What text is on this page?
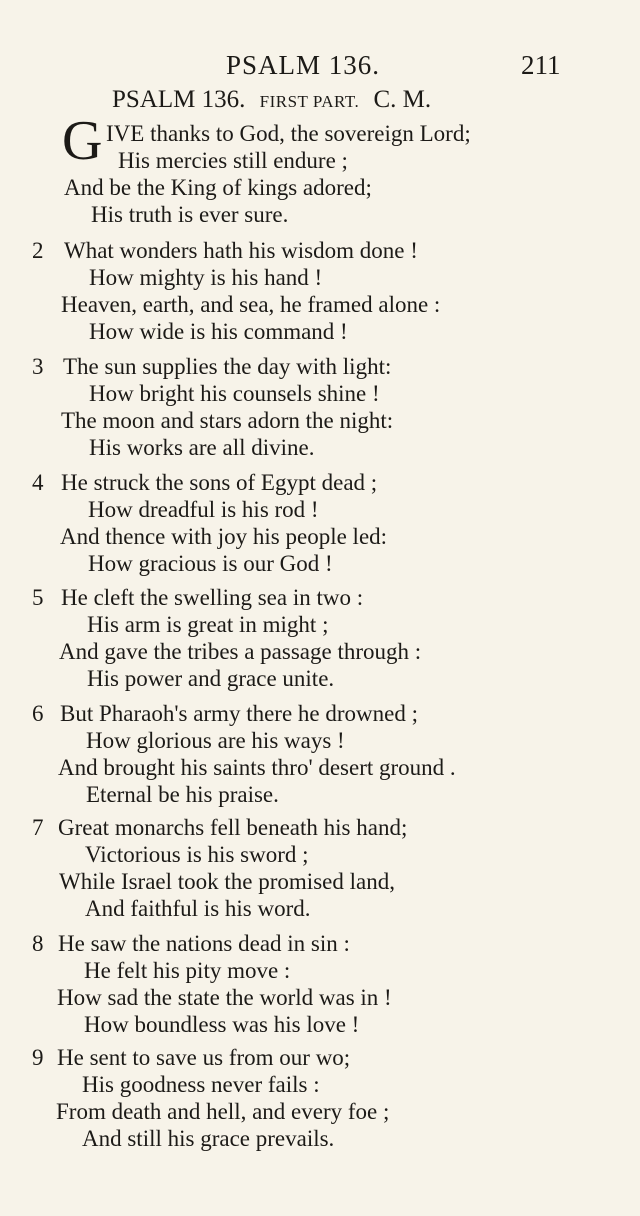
PSALM 136.	211
PSALM 136. FIRST PART. C. M.
G IVE thanks to God, the sovereign Lord;
His mercies still endure ;
And be the King of kings adored;
His truth is ever sure.
2 What wonders hath his wisdom done !
How mighty is his hand !
Heaven, earth, and sea, he framed alone :
How wide is his command !
3 The sun supplies the day with light:
How bright his counsels shine !
The moon and stars adorn the night:
His works are all divine.
4 He struck the sons of Egypt dead ;
How dreadful is his rod !
And thence with joy his people led:
How gracious is our God !
5 He cleft the swelling sea in two :
His arm is great in might ;
And gave the tribes a passage through :
His power and grace unite.
6 But Pharaoh's army there he drowned ;
How glorious are his ways !
And brought his saints thro' desert ground .
Eternal be his praise.
7 Great monarchs fell beneath his hand;
Victorious is his sword ;
While Israel took the promised land,
And faithful is his word.
8 He saw the nations dead in sin :
He felt his pity move :
How sad the state the world was in !
How boundless was his love !
9 He sent to save us from our wo;
His goodness never fails :
From death and hell, and every foe ;
And still his grace prevails.
